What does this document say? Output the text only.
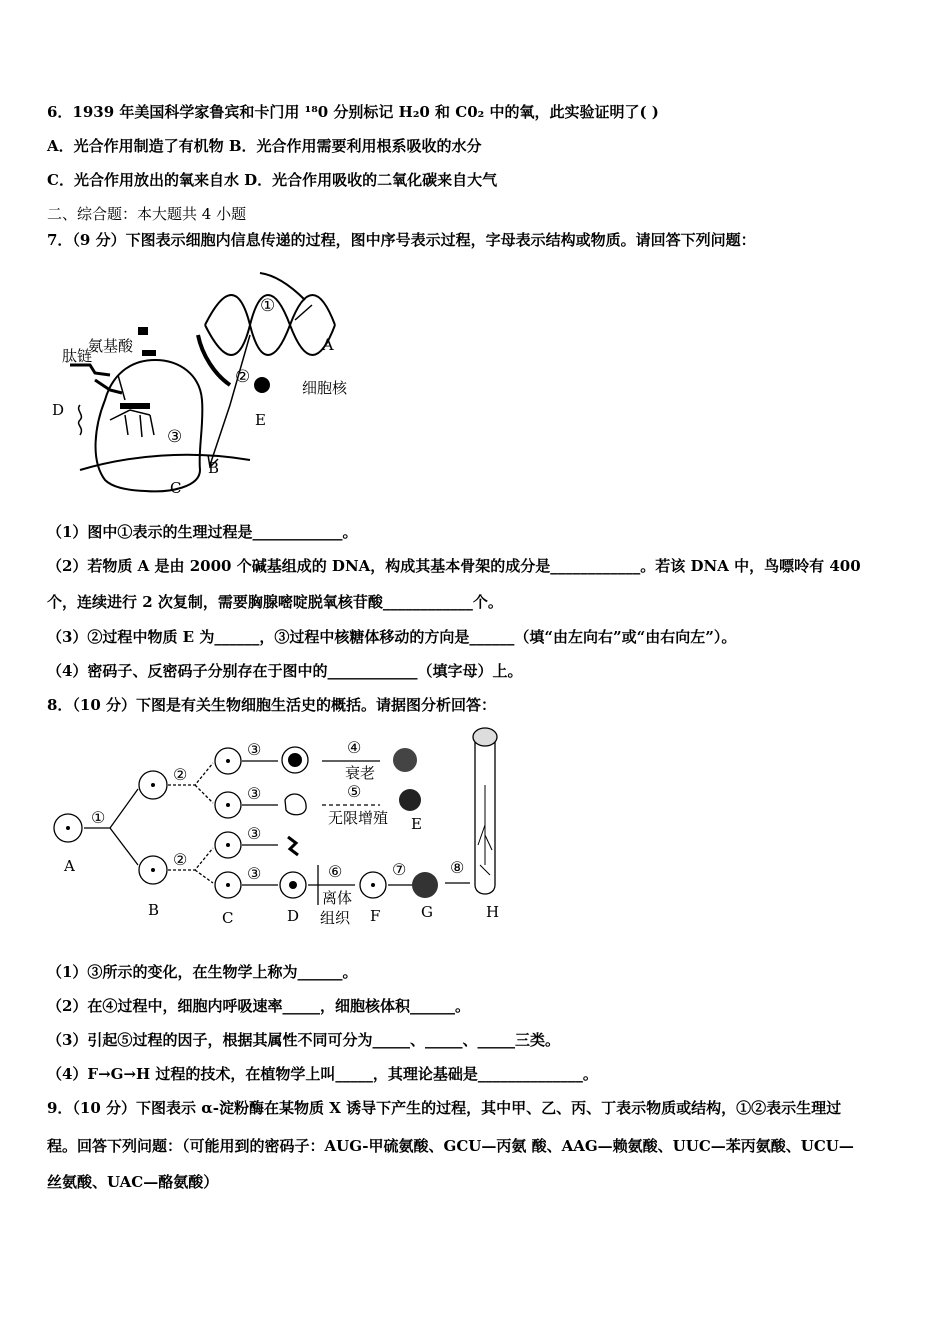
6．1939 年美国科学家鲁宾和卡门用 ¹⁸0 分别标记 H₂0 和 C0₂ 中的氧，此实验证明了( )
A．光合作用制造了有机物 B．光合作用需要利用根系吸收的水分
C．光合作用放出的氧来自水 D．光合作用吸收的二氧化碳来自大气
二、综合题：本大题共 4 小题
7．（9 分）下图表示细胞内信息传递的过程，图中序号表示过程，字母表示结构或物质。请回答下列问题：
氨基酸
肽链
D
①
②
③
A
细胞核
E
B
C
（1）图中①表示的生理过程是____________。
（2）若物质 A 是由 2000 个碱基组成的 DNA，构成其基本骨架的成分是____________。若该 DNA 中，鸟嘌呤有 400
个，连续进行 2 次复制，需要胸腺嘧啶脱氧核苷酸____________个。
（3）②过程中物质 E 为______，③过程中核糖体移动的方向是______（填“由左向右”或“由右向左”）。
（4）密码子、反密码子分别存在于图中的____________（填字母）上。
8．（10 分）下图是有关生物细胞生活史的概括。请据图分析回答：
①
②
②
③
③
③
③
④
⑤
⑥	⑦	⑧
衰老
无限增殖
离体
组织
A
B	C	D
E
F	G	H
（1）③所示的变化，在生物学上称为______。
（2）在④过程中，细胞内呼吸速率_____，细胞核体积______。
（3）引起⑤过程的因子，根据其属性不同可分为_____、_____、_____三类。
（4）F→G→H 过程的技术，在植物学上叫_____，其理论基础是______________。
9．（10 分）下图表示 α-淀粉酶在某物质 X 诱导下产生的过程，其中甲、乙、丙、丁表示物质或结构，①②表示生理过
程。回答下列问题：（可能用到的密码子：AUG-甲硫氨酸、GCU—丙氨 酸、AAG—赖氨酸、UUC—苯丙氨酸、UCU—
丝氨酸、UAC—酪氨酸）
